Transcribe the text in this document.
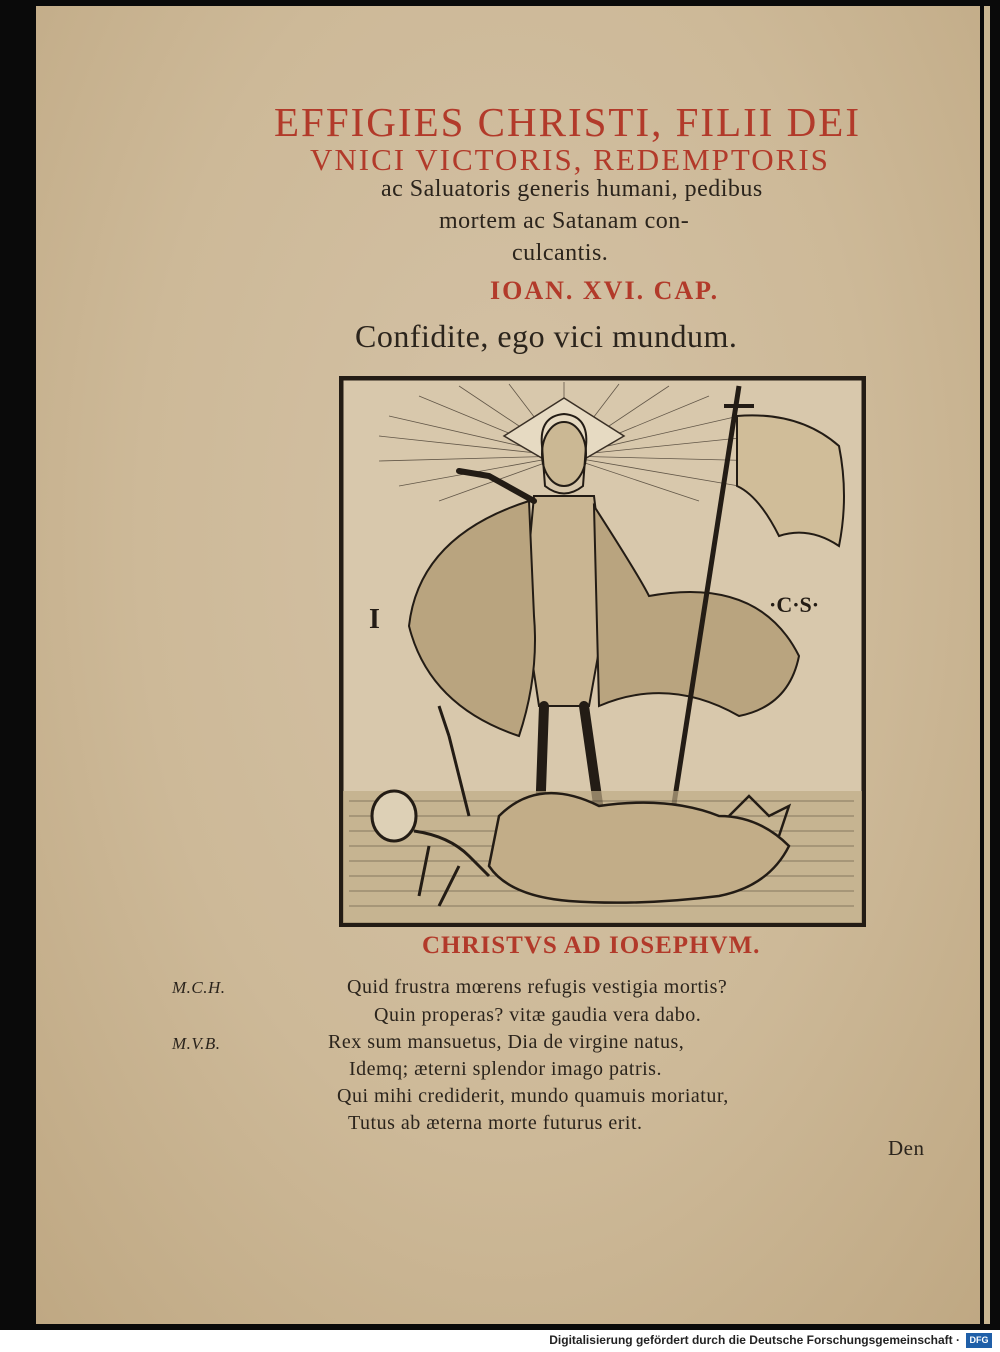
EFFIGIES CHRISTI, FILII DEI
VNICI VICTORIS, REDEMPTORIS
ac Saluatoris generis humani, pedibus
mortem ac Satanam con-
culcantis.
IOAN. XVI. CAP.
Confidite, ego vici mundum.
I	·C·S·
CHRISTVS AD IOSEPHVM.
M.C.H.
M.V.B.
Quid frustra mœrens refugis vestigia mortis?
Quin properas? vitæ gaudia vera dabo.
Rex sum mansuetus, Dia de virgine natus,
Idemq; æterni splendor imago patris.
Qui mihi crediderit, mundo quamuis moriatur,
Tutus ab æterna morte futurus erit.
Den
Digitalisierung gefördert durch die Deutsche Forschungsgemeinschaft ·	DFG
